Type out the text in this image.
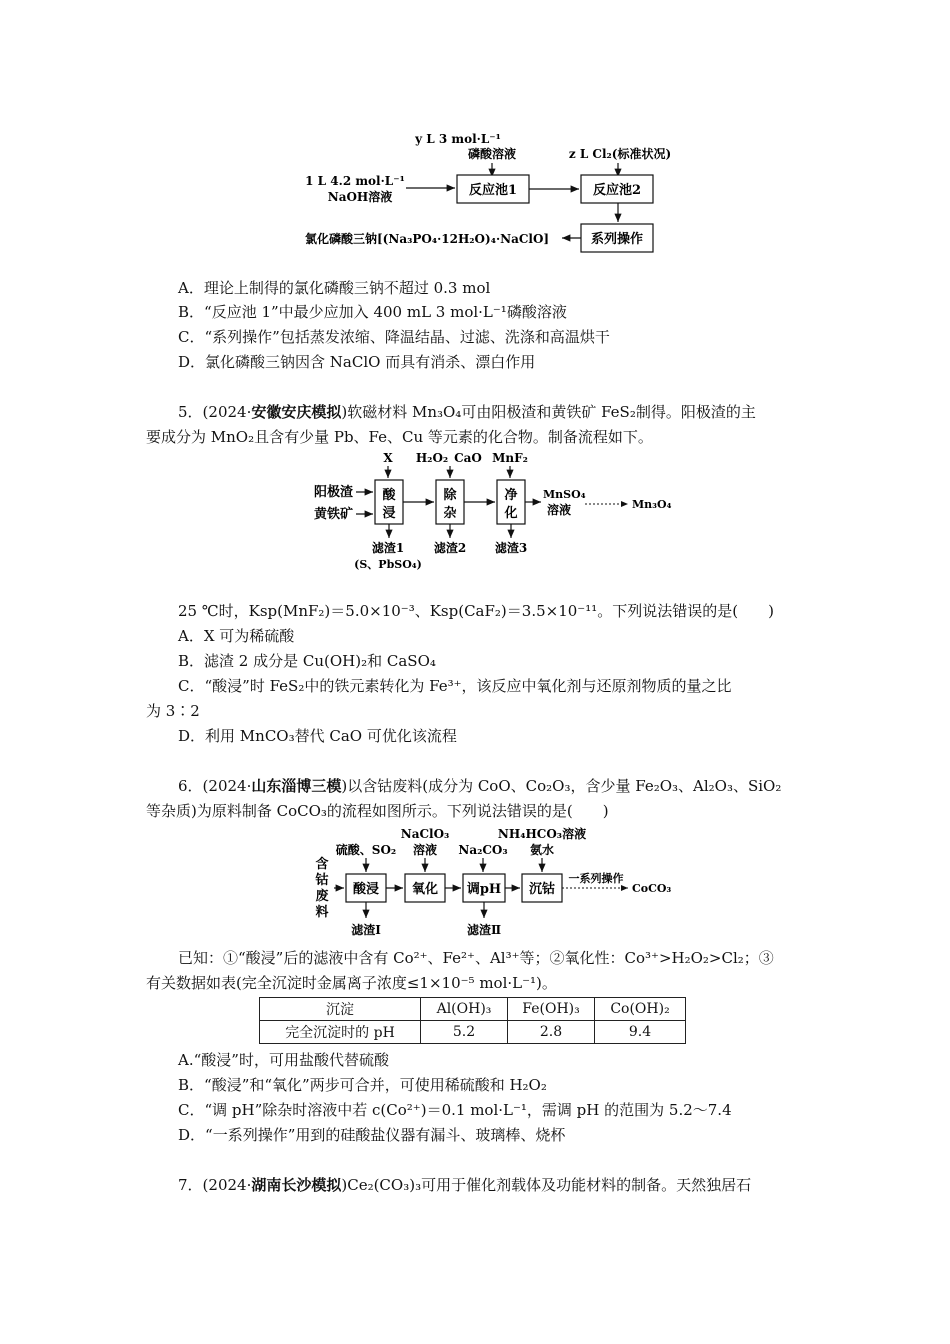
y L 3 mol·L⁻¹
磷酸溶液	z L Cl₂(标准状况)
1 L 4.2 mol·L⁻¹
NaOH溶液	反应池1	反应池2
系列操作
氯化磷酸三钠[(Na₃PO₄·12H₂O)₄·NaClO]
A．理论上制得的氯化磷酸三钠不超过 0.3 mol
B．“反应池 1”中最少应加入 400 mL 3 mol·L⁻¹磷酸溶液
C．“系列操作”包括蒸发浓缩、降温结晶、过滤、洗涤和高温烘干
D．氯化磷酸三钠因含 NaClO 而具有消杀、漂白作用
5．(2024·安徽安庆模拟)软磁材料 Mn₃O₄可由阳极渣和黄铁矿 FeS₂制得。阳极渣的主
要成分为 MnO₂且含有少量 Pb、Fe、Cu 等元素的化合物。制备流程如下。
X H₂O₂ CaO MnF₂
阳极渣
黄铁矿
酸
浸
除
杂
净
化
MnSO₄
溶液	Mn₃O₄
滤渣1
(S、PbSO₄)
滤渣2 滤渣3
25 ℃时，Ksp(MnF₂)＝5.0×10⁻³、Ksp(CaF₂)＝3.5×10⁻¹¹。下列说法错误的是(　　)
A．X 可为稀硫酸
B．滤渣 2 成分是 Cu(OH)₂和 CaSO₄
C．“酸浸”时 FeS₂中的铁元素转化为 Fe³⁺，该反应中氧化剂与还原剂物质的量之比
为 3∶2
D．利用 MnCO₃替代 CaO 可优化该流程
6．(2024·山东淄博三模)以含钴废料(成分为 CoO、Co₂O₃，含少量 Fe₂O₃、Al₂O₃、SiO₂
等杂质)为原料制备 CoCO₃的流程如图所示。下列说法错误的是(　　)
含
钴
废
料
硫酸、SO₂
NaClO₃
溶液 Na₂CO₃
NH₄HCO₃溶液
氨水
酸浸	氧化 调pH 沉钴
一系列操作
CoCO₃
滤渣Ⅰ	滤渣Ⅱ
已知：①“酸浸”后的滤液中含有 Co²⁺、Fe²⁺、Al³⁺等；②氧化性：Co³⁺>H₂O₂>Cl₂；③
有关数据如表(完全沉淀时金属离子浓度≤1×10⁻⁵ mol·L⁻¹)。
沉淀	Al(OH)₃	Fe(OH)₃	Co(OH)₂
完全沉淀时的 pH	5.2	2.8	9.4
A.“酸浸”时，可用盐酸代替硫酸
B．“酸浸”和“氧化”两步可合并，可使用稀硫酸和 H₂O₂
C．“调 pH”除杂时溶液中若 c(Co²⁺)＝0.1 mol·L⁻¹，需调 pH 的范围为 5.2～7.4
D．“一系列操作”用到的硅酸盐仪器有漏斗、玻璃棒、烧杯
7．(2024·湖南长沙模拟)Ce₂(CO₃)₃可用于催化剂载体及功能材料的制备。天然独居石
